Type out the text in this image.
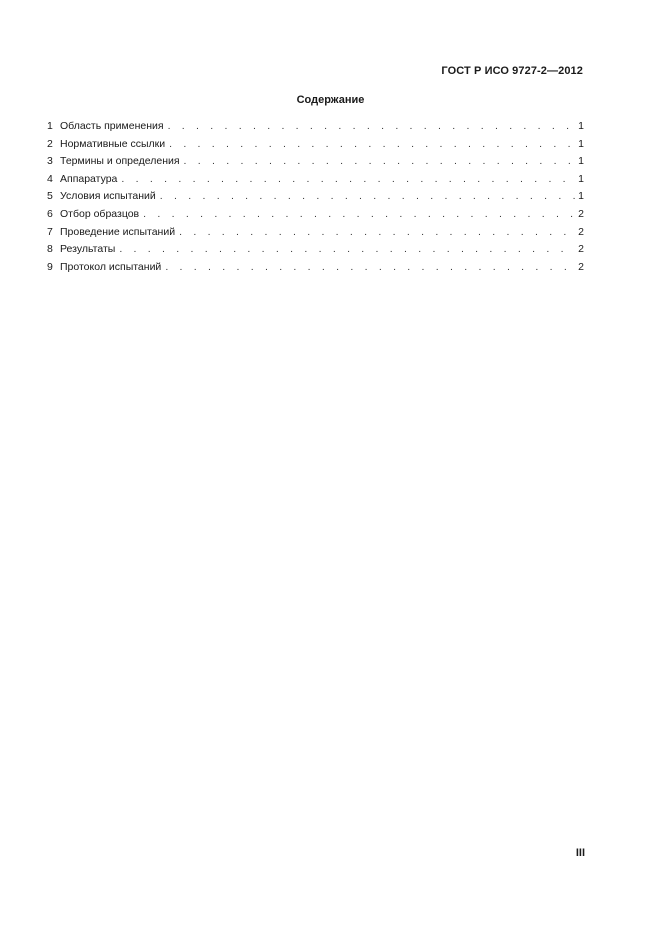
ГОСТ Р ИСО 9727-2—2012
Содержание
1 Область применения . . .	1
2 Нормативные ссылки . . .	1
3 Термины и определения . . .	1
4 Аппаратура . . .	1
5 Условия испытаний . . .	1
6 Отбор образцов . . .	2
7 Проведение испытаний . . .	2
8 Результаты . . .	2
9 Протокол испытаний . . .	2
III
